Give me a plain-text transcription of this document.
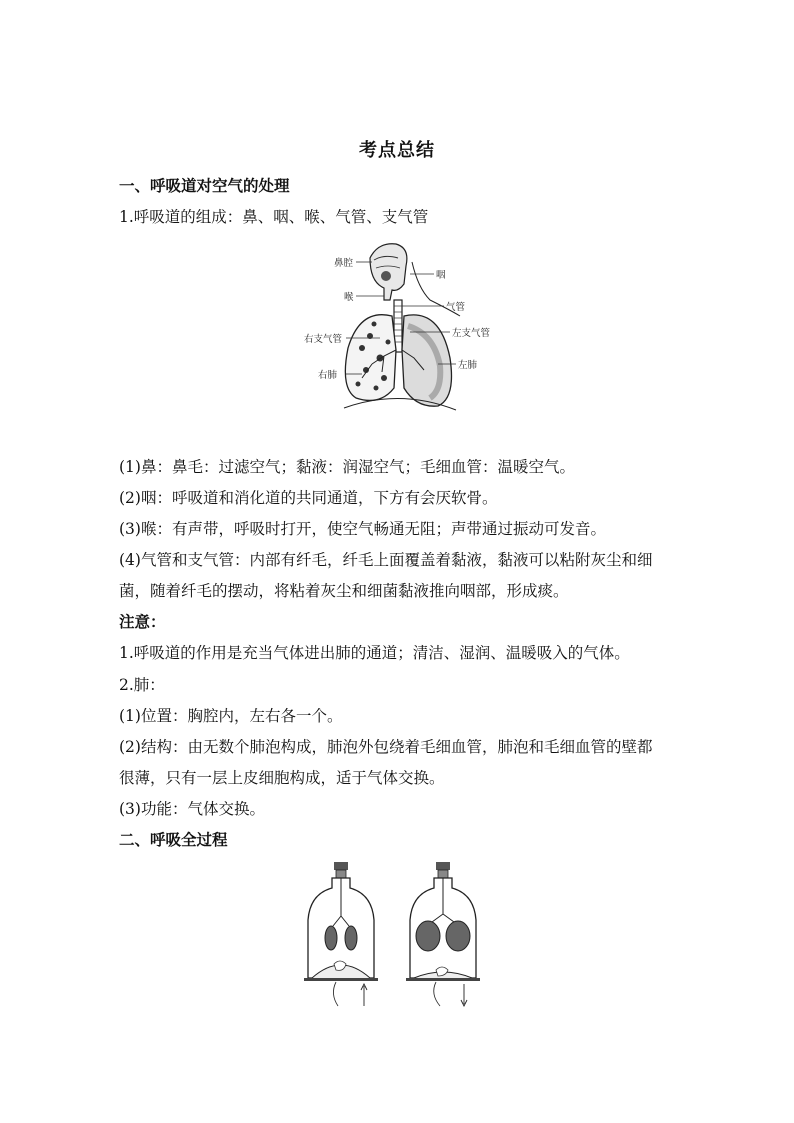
考点总结
一、呼吸道对空气的处理
1.呼吸道的组成：鼻、咽、喉、气管、支气管
鼻腔
咽
喉
气管
右支气管
左支气管
右肺
左肺
(1)鼻：鼻毛：过滤空气；黏液：润湿空气；毛细血管：温暖空气。
(2)咽：呼吸道和消化道的共同通道，下方有会厌软骨。
(3)喉：有声带，呼吸时打开，使空气畅通无阻；声带通过振动可发音。
(4)气管和支气管：内部有纤毛，纤毛上面覆盖着黏液，黏液可以粘附灰尘和细
菌，随着纤毛的摆动，将粘着灰尘和细菌黏液推向咽部，形成痰。
注意：
1.呼吸道的作用是充当气体进出肺的通道；清洁、湿润、温暖吸入的气体。
2.肺：
(1)位置：胸腔内，左右各一个。
(2)结构：由无数个肺泡构成，肺泡外包绕着毛细血管，肺泡和毛细血管的壁都
很薄，只有一层上皮细胞构成，适于气体交换。
(3)功能：气体交换。
二、呼吸全过程
